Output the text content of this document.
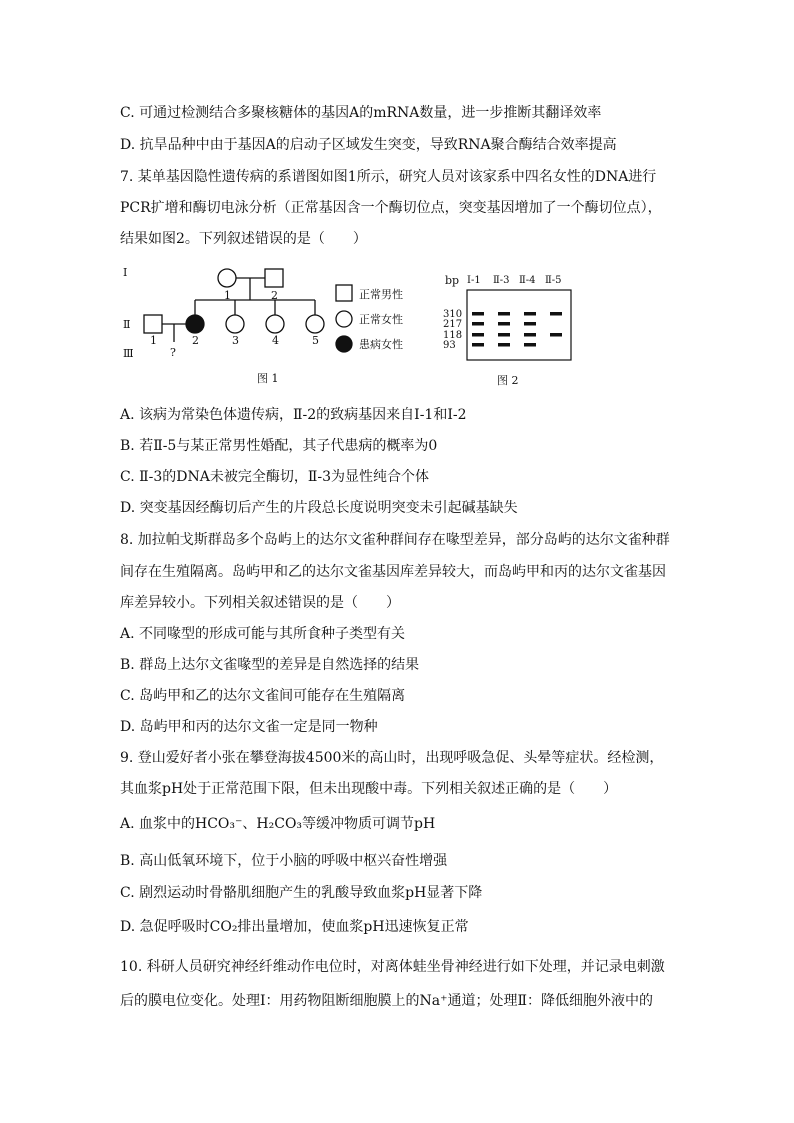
C. 可通过检测结合多聚核糖体的基因A的mRNA数量，进一步推断其翻译效率
D. 抗旱品种中由于基因A的启动子区域发生突变，导致RNA聚合酶结合效率提高
7. 某单基因隐性遗传病的系谱图如图1所示，研究人员对该家系中四名女性的DNA进行
PCR扩增和酶切电泳分析（正常基因含一个酶切位点，突变基因增加了一个酶切位点），
结果如图2。下列叙述错误的是（　　）
Ⅰ
Ⅱ
Ⅲ
1	2
1	2	3	4	5
?
正常男性
正常女性
患病女性
图 1
bp Ⅰ-1 Ⅱ-3 Ⅱ-4 Ⅱ-5
310
217
118
93
图 2
A. 该病为常染色体遗传病，Ⅱ-2的致病基因来自Ⅰ-1和Ⅰ-2
B. 若Ⅱ-5与某正常男性婚配，其子代患病的概率为0
C. Ⅱ-3的DNA未被完全酶切，Ⅱ-3为显性纯合个体
D. 突变基因经酶切后产生的片段总长度说明突变未引起碱基缺失
8. 加拉帕戈斯群岛多个岛屿上的达尔文雀种群间存在喙型差异，部分岛屿的达尔文雀种群
间存在生殖隔离。岛屿甲和乙的达尔文雀基因库差异较大，而岛屿甲和丙的达尔文雀基因
库差异较小。下列相关叙述错误的是（　　）
A. 不同喙型的形成可能与其所食种子类型有关
B. 群岛上达尔文雀喙型的差异是自然选择的结果
C. 岛屿甲和乙的达尔文雀间可能存在生殖隔离
D. 岛屿甲和丙的达尔文雀一定是同一物种
9. 登山爱好者小张在攀登海拔4500米的高山时，出现呼吸急促、头晕等症状。经检测，
其血浆pH处于正常范围下限，但未出现酸中毒。下列相关叙述正确的是（　　）
A. 血浆中的HCO₃⁻、H₂CO₃等缓冲物质可调节pH
B. 高山低氧环境下，位于小脑的呼吸中枢兴奋性增强
C. 剧烈运动时骨骼肌细胞产生的乳酸导致血浆pH显著下降
D. 急促呼吸时CO₂排出量增加，使血浆pH迅速恢复正常
10. 科研人员研究神经纤维动作电位时，对离体蛙坐骨神经进行如下处理，并记录电刺激
后的膜电位变化。处理Ⅰ：用药物阻断细胞膜上的Na⁺通道；处理Ⅱ：降低细胞外液中的
